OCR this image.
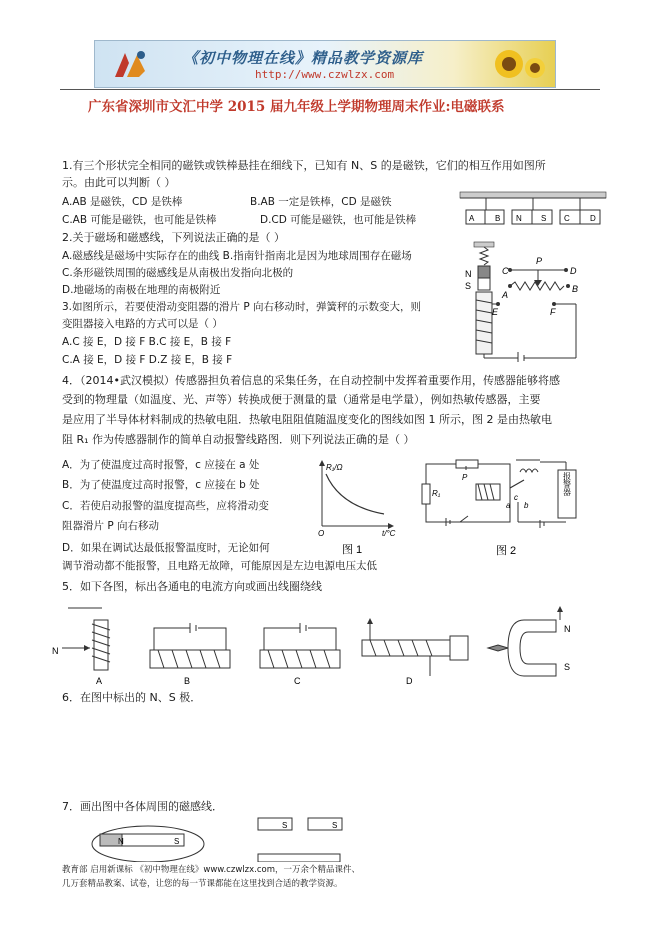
《初中物理在线》精品教学资源库
http://www.czwlzx.com
广东省深圳市文汇中学 2015 届九年级上学期物理周末作业:电磁联系
1.有三个形状完全相同的磁铁或铁棒悬挂在细线下，已知有 N、S 的是磁铁，它们的相互作用如图所
示。由此可以判断（ ）
A.AB 是磁铁，CD 是铁棒	B.AB 一定是铁棒，CD 是磁铁
C.AB 可能是磁铁，也可能是铁棒	D.CD 可能是磁铁，也可能是铁棒	A	B N S C	D
2.关于磁场和磁感线，下列说法正确的是（ ）
A.磁感线是磁场中实际存在的曲线 B.指南针指南北是因为地球周围存在磁场
C.条形磁铁周围的磁感线是从南极出发指向北极的
D.地磁场的南极在地理的南极附近
3.如图所示，若要使滑动变阻器的滑片 P 向右移动时，弹簧秤的示数变大，则
变阻器接入电路的方式可以是（ ）
A.C 接 E，D 接 F B.C 接 E，B 接 F
C.A 接 E，D 接 F D.Z 接 E，B 接 F
N
S
C
P
D
A
B
E	F
4．（2014•武汉模拟）传感器担负着信息的采集任务，在自动控制中发挥着重要作用，传感器能够将感
受到的物理量（如温度、光、声等）转换成便于测量的量（通常是电学量），例如热敏传感器，主要
是应用了半导体材料制成的热敏电阻．热敏电阻阻值随温度变化的图线如图 1 所示，图 2 是由热敏电
阻 R₁ 作为传感器制作的简单自动报警线路图．则下列说法正确的是（ ）
A．为了使温度过高时报警，c 应接在 a 处
B．为了使温度过高时报警，c 应接在 b 处
C．若使启动报警的温度提高些，应将滑动变
阻器滑片 P 向右移动
D．如果在调试达最低报警温度时，无论如何
调节滑动都不能报警，且电路无故障，可能原因是左边电源电压太低
R₁/Ω
t/°C
O
图 1
P
R₁
a b
c
报警器
图 2
5．如下各图，标出各通电的电流方向或画出线圈绕线
N
A	B	C	D
N
S
6．在图中标出的 N、S 极．
7．画出图中各体周围的磁感线．
N	S
S	S
教育部 启用新课标 《初中物理在线》www.czwlzx.com，一万余个精品课件、
几万套精品教案、试卷，让您的每一节课都能在这里找到合适的教学资源。
